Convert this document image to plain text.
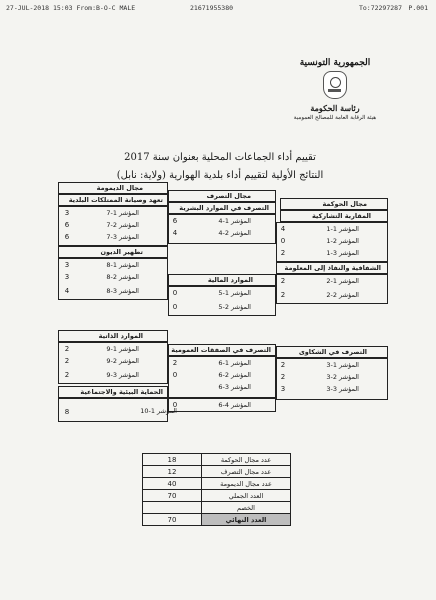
27-JUL-2018 15:03 From:B-O-C MALE	21671955380	To:72297287 P.001
الجمهورية التونسية
رئاسة الحكومة
هيئة الرقابة العامة للمصالح العمومية
تقييم أداء الجماعات المحلية بعنوان سنة 2017
النتائج الأولية لتقييم أداء بلدية الهوارية (ولاية: نابل)
مجال الحوكمة
المقاربة التشاركية
4	المؤشر 1-1
0	المؤشر 2-1
2	المؤشر 3-1
الشفافية والنفاذ إلى المعلومة
2	المؤشر 1-2
2	المؤشر 2-2
التصرف في الشكاوى
2	المؤشر 1-3
2	المؤشر 2-3
3	المؤشر 3-3
مجال التصرف
التصرف في الموارد البشرية
6	المؤشر 1-4
4	المؤشر 2-4
الموارد المالية
0	المؤشر 1-5
0	المؤشر 2-5
التصرف في الصفقات العمومية
2	المؤشر 1-6
0	المؤشر 2-6
المؤشر 3-6
0	المؤشر 4-6
مجال الديمومة
تعهد وصيانة الممتلكات البلدية
3	المؤشر 1-7
6	المؤشر 2-7
6	المؤشر 3-7
تطهير الديون
3	المؤشر 1-8
3	المؤشر 2-8
4	المؤشر 3-8
الموارد الذاتية
2	المؤشر 1-9
2	المؤشر 2-9
2	المؤشر 3-9
الحماية البيئية والاجتماعية
8	المؤشر 1-10
عدد مجال الحوكمة	18
عدد مجال التصرف	12
عدد مجال الديمومة	40
العدد الجملي	70
الخصم	
العدد النهائي	70
